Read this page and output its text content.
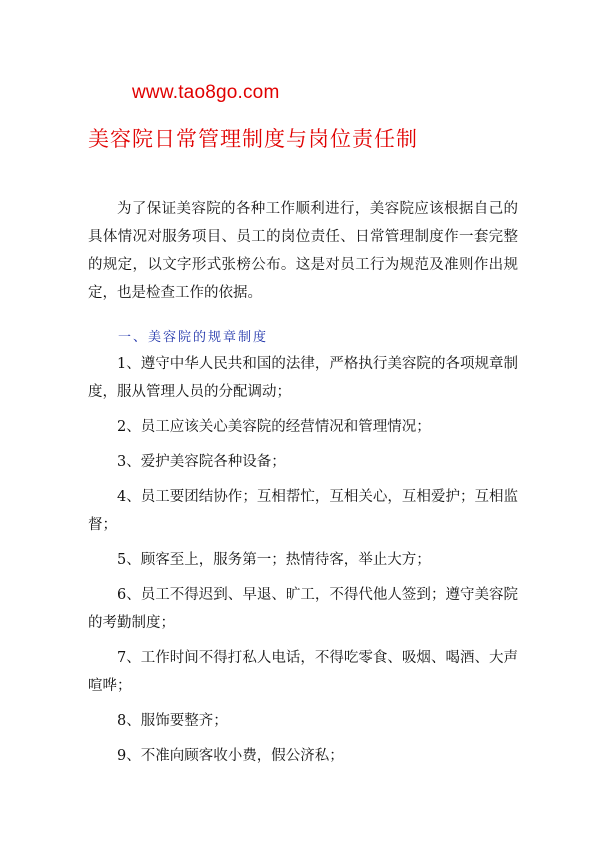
www.tao8go.com
美容院日常管理制度与岗位责任制

为了保证美容院的各种工作顺利进行，美容院应该根据自己的具体情况对服务项目、员工的岗位责任、日常管理制度作一套完整的规定，以文字形式张榜公布。这是对员工行为规范及准则作出规定，也是检查工作的依据。

一、美容院的规章制度
1、遵守中华人民共和国的法律，严格执行美容院的各项规章制度，服从管理人员的分配调动；
2、员工应该关心美容院的经营情况和管理情况；
3、爱护美容院各种设备；
4、员工要团结协作；互相帮忙，互相关心，互相爱护；互相监督；
5、顾客至上，服务第一；热情待客，举止大方；
6、员工不得迟到、早退、旷工，不得代他人签到；遵守美容院的考勤制度；
7、工作时间不得打私人电话，不得吃零食、吸烟、喝酒、大声喧哗；
8、服饰要整齐；
9、不准向顾客收小费，假公济私；
